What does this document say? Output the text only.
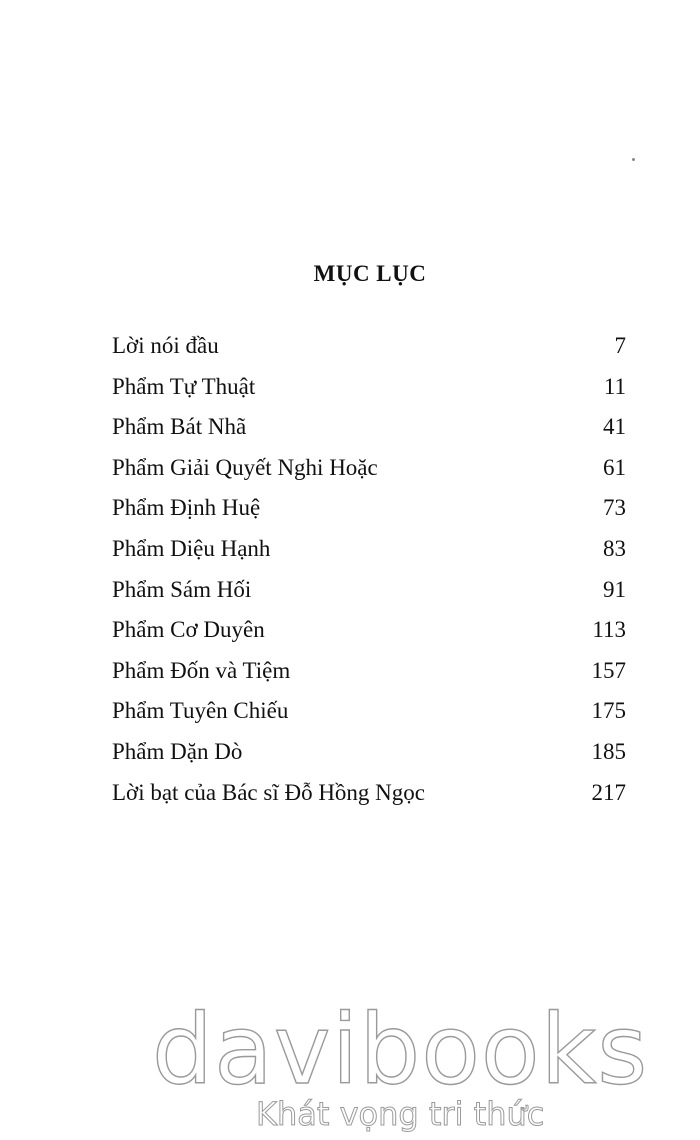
MỤC LỤC
Lời nói đầu	7
Phẩm Tự Thuật	11
Phẩm Bát Nhã	41
Phẩm Giải Quyết Nghi Hoặc	61
Phẩm Định Huệ	73
Phẩm Diệu Hạnh	83
Phẩm Sám Hối	91
Phẩm Cơ Duyên	113
Phẩm Đốn và Tiệm	157
Phẩm Tuyên Chiếu	175
Phẩm Dặn Dò	185
Lời bạt của Bác sĩ Đỗ Hồng Ngọc	217
davibooks
Khát vọng tri thức
